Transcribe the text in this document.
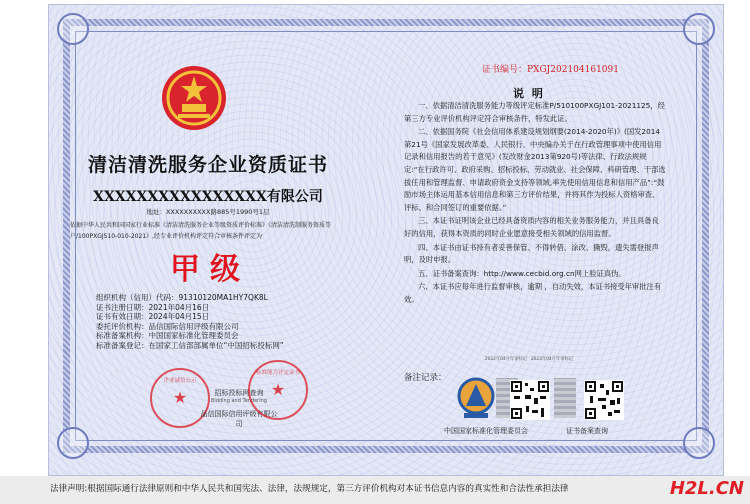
清洁清洗服务企业资质证书
XXXXXXXXXXXXXXXX有限公司
地址：XXXXXXXXXX路885号1990号1层
依据中华人民共和国国家行业标准《清洁清洗服务企业等级资质评价标准》《清洁清洗制服务资质等户/100PXGJ510-010-2021》,经专业评价机构评定符合审核条件评定为
甲级
组织机构（信用）代码：91310120MA1HY7QK8L
证书注册日期：2021年04月16日
证书有效日期：2024年04月15日
委托评价机构：品信国际信用评级有限公司
标准备案机构：中国国家标准化管理委员会
标准备案登记：在国家工信部部属单位“中国招标投标网”
企业诚信公示
★	招标投标网查询
Bidding and Tendering
品信国际信用评级有限公司
标准能力评定证书
★
证书编号：PXGJ202104161091
说 明

一、依据清洁清洗服务能力等级评定标准P/510100PXGJ101-2021125，经第三方专业评价机构评定符合审核条件，特发此证。

二、依据国务院《社会信用体系建设规划纲要(2014-2020年)》(国发2014第21号《国家发展改革委、人民银行、中央编办关于在行政管理事项中使用信用记录和信用报告的若干意见》(发改财金2013第920号)等法律、行政法规规定:“在行政许可、政府采购、招标投标、劳动就业、社会保障、科研管理、干部选拔任用和管理监督、申请政府资金支持等领域,率先使用信用信息和信用产品”:“鼓励市场主体运用基本信用信息和第三方评价结果，并将其作为投标人资格审查、评标、和合同签订的重要依据。”

三、本证书证明该企业已经具备资质内容的相关业务服务能力，并且具备良好的信用，获得本资质的同时企业愿意接受相关领域的信用监督。

四、本证书由证书持有者妥善保管、不得转借、涂改、撕毁，遗失需登报声明，及时申报。

五、证书备案查询：http://www.cecbid.org.cn网上验证真伪。

六、本证书应每年进行监督审核，逾期 ，自动失效，本证书接受年审批注有效。

备注记录：
2022年04月年审标记 2023年04月年审标记
中国国家标准化管理委员会	证书备案查询
法律声明:根据国际通行法律原则和中华人民共和国宪法、法律，法规规定，第三方评价机构对本证书信息内容的真实性和合法性承担法律	H2L.CN
